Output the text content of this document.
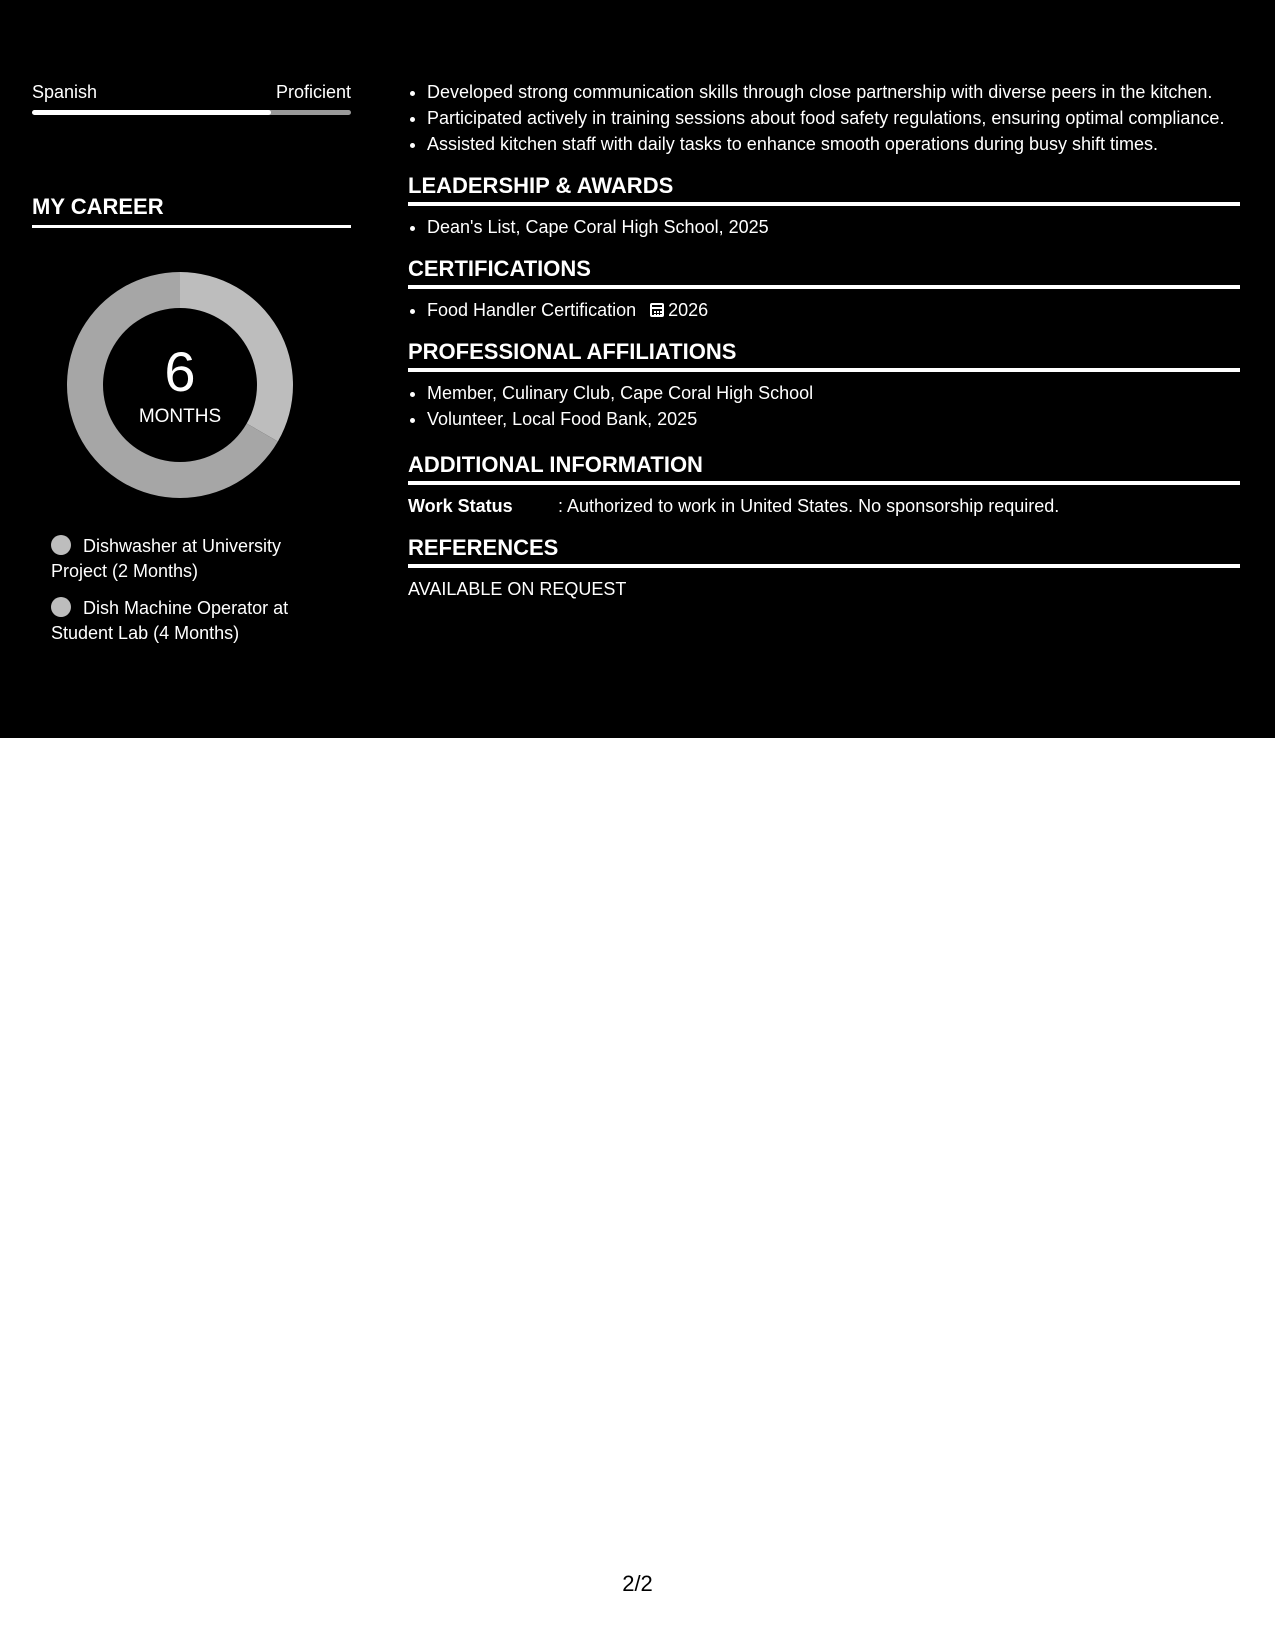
Spanish	Proficient
MY CAREER
6
MONTHS
Dishwasher at University Project (2 Months)
Dish Machine Operator at Student Lab (4 Months)
• Developed strong communication skills through close partnership with diverse peers in the kitchen.
• Participated actively in training sessions about food safety regulations, ensuring optimal compliance.
• Assisted kitchen staff with daily tasks to enhance smooth operations during busy shift times.
LEADERSHIP & AWARDS
• Dean's List, Cape Coral High School, 2025
CERTIFICATIONS
• Food Handler Certification 2026
PROFESSIONAL AFFILIATIONS
• Member, Culinary Club, Cape Coral High School
• Volunteer, Local Food Bank, 2025
ADDITIONAL INFORMATION
Work Status	: Authorized to work in United States. No sponsorship required.
REFERENCES
AVAILABLE ON REQUEST
2/2
